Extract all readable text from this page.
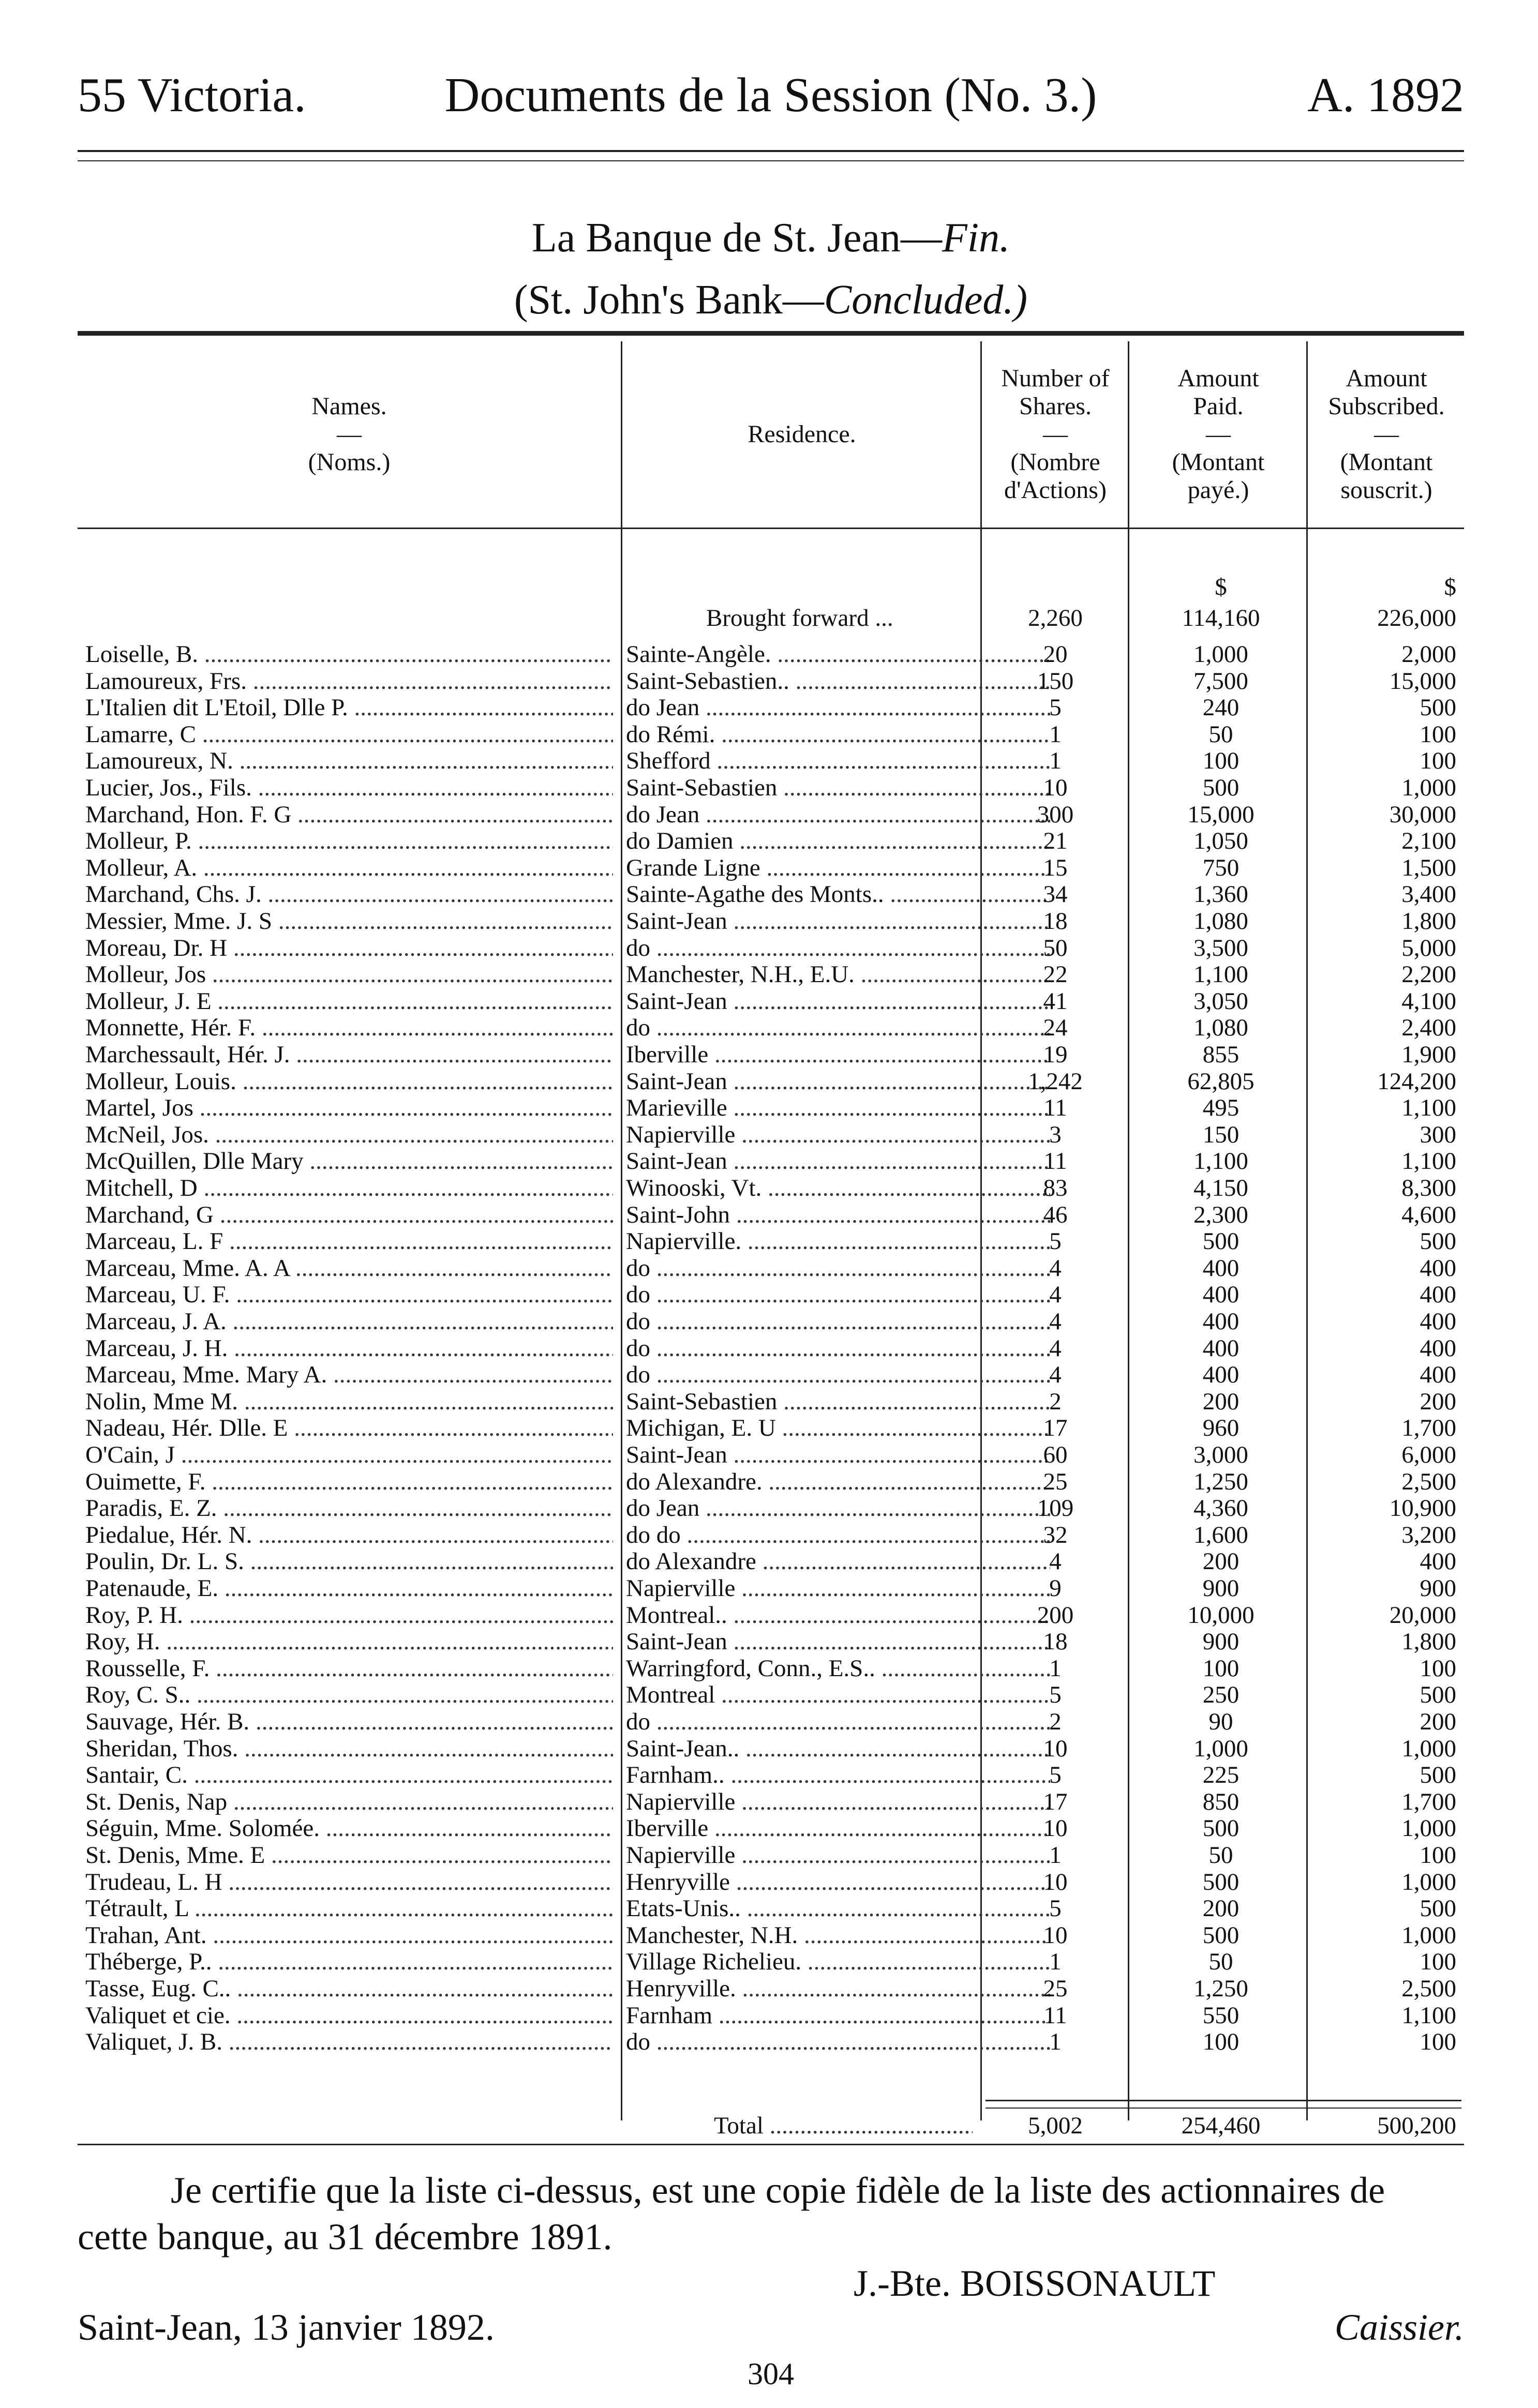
55 Victoria.	Documents de la Session (No. 3.)	A. 1892
La Banque de St. Jean—Fin.
(St. John's Bank—Concluded.)
Names.
—
(Noms.)
Residence.
Number of
Shares.
—
(Nombre
d'Actions)
Amount
Paid.
—
(Montant
payé.)
Amount
Subscribed.
—
(Montant
souscrit.)
$	$
Brought forward ...	2,260	114,160	226,000
Loiselle, B. .....	Sainte-Angèle. .....	20	1,000	2,000
Lamoureux, Frs. .....	Saint-Sebastien.. .....	150	7,500	15,000
L'Italien dit L'Etoil, Dlle P. .....	do Jean .....	5	240	500
Lamarre, C .....	do Rémi. .....	1	50	100
Lamoureux, N. .....	Shefford .....	1	100	100
Lucier, Jos., Fils. .....	Saint-Sebastien .....	10	500	1,000
Marchand, Hon. F. G .....	do Jean .....	300	15,000	30,000
Molleur, P. .....	do Damien .....	21	1,050	2,100
Molleur, A. .....	Grande Ligne .....	15	750	1,500
Marchand, Chs. J. .....	Sainte-Agathe des Monts.. .....	34	1,360	3,400
Messier, Mme. J. S .....	Saint-Jean .....	18	1,080	1,800
Moreau, Dr. H .....	do .....	50	3,500	5,000
Molleur, Jos .....	Manchester, N.H., E.U. .....	22	1,100	2,200
Molleur, J. E .....	Saint-Jean .....	41	3,050	4,100
Monnette, Hér. F. .....	do .....	24	1,080	2,400
Marchessault, Hér. J. .....	Iberville .....	19	855	1,900
Molleur, Louis. .....	Saint-Jean .....	1,242	62,805	124,200
Martel, Jos .....	Marieville .....	11	495	1,100
McNeil, Jos. .....	Napierville .....	3	150	300
McQuillen, Dlle Mary .....	Saint-Jean .....	11	1,100	1,100
Mitchell, D .....	Winooski, Vt. .....	83	4,150	8,300
Marchand, G .....	Saint-John .....	46	2,300	4,600
Marceau, L. F .....	Napierville. .....	5	500	500
Marceau, Mme. A. A .....	do .....	4	400	400
Marceau, U. F. .....	do .....	4	400	400
Marceau, J. A. .....	do .....	4	400	400
Marceau, J. H. .....	do .....	4	400	400
Marceau, Mme. Mary A. .....	do .....	4	400	400
Nolin, Mme M. .....	Saint-Sebastien .....	2	200	200
Nadeau, Hér. Dlle. E .....	Michigan, E. U .....	17	960	1,700
O'Cain, J .....	Saint-Jean .....	60	3,000	6,000
Ouimette, F. .....	do Alexandre. .....	25	1,250	2,500
Paradis, E. Z. .....	do Jean .....	109	4,360	10,900
Piedalue, Hér. N. .....	do do .....	32	1,600	3,200
Poulin, Dr. L. S. .....	do Alexandre .....	4	200	400
Patenaude, E. .....	Napierville .....	9	900	900
Roy, P. H. .....	Montreal.. .....	200	10,000	20,000
Roy, H. .....	Saint-Jean .....	18	900	1,800
Rousselle, F. .....	Warringford, Conn., E.S.. .....	1	100	100
Roy, C. S.. .....	Montreal .....	5	250	500
Sauvage, Hér. B. .....	do .....	2	90	200
Sheridan, Thos. .....	Saint-Jean.. .....	10	1,000	1,000
Santair, C. .....	Farnham.. .....	5	225	500
St. Denis, Nap .....	Napierville .....	17	850	1,700
Séguin, Mme. Solomée. .....	Iberville .....	10	500	1,000
St. Denis, Mme. E .....	Napierville .....	1	50	100
Trudeau, L. H .....	Henryville .....	10	500	1,000
Tétrault, L .....	Etats-Unis.. .....	5	200	500
Trahan, Ant. .....	Manchester, N.H. .....	10	500	1,000
Théberge, P.. .....	Village Richelieu. .....	1	50	100
Tasse, Eug. C.. .....	Henryville. .....	25	1,250	2,500
Valiquet et cie. .....	Farnham .....	11	550	1,100
Valiquet, J. B. .....	do .....	1	100	100
Total .....	5,002	254,460	500,200
Je certifie que la liste ci-dessus, est une copie fidèle de la liste des actionnaires de cette banque, au 31 décembre 1891.
J.-Bte. BOISSONAULT
Saint-Jean, 13 janvier 1892.	Caissier.
304
